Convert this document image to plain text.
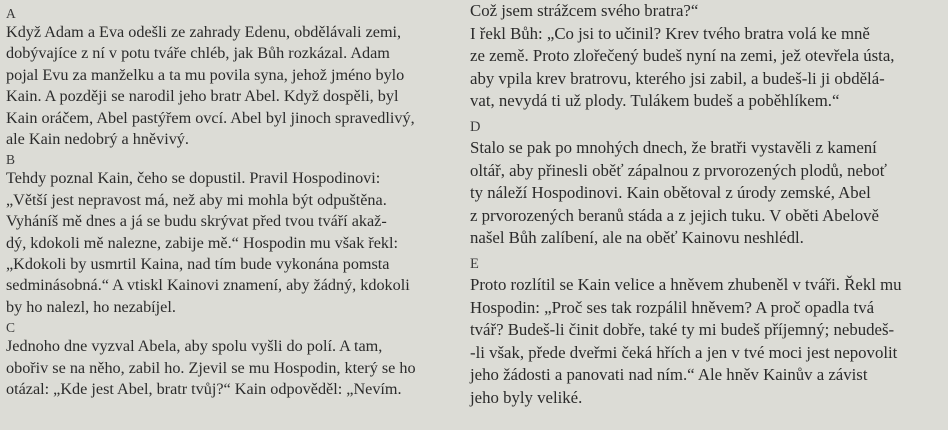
A
Když Adam a Eva odešli ze zahrady Edenu, obdělávali zemi,
dobývajíce z ní v potu tváře chléb, jak Bůh rozkázal. Adam
pojal Evu za manželku a ta mu povila syna, jehož jméno bylo
Kain. A později se narodil jeho bratr Abel. Když dospěli, byl
Kain oráčem, Abel pastýřem ovcí. Abel byl jinoch spravedlivý,
ale Kain nedobrý a hněvivý.
B
Tehdy poznal Kain, čeho se dopustil. Pravil Hospodinovi:
„Větší jest nepravost má, než aby mi mohla být odpuštěna.
Vyháníš mě dnes a já se budu skrývat před tvou tváří akaž-
dý, kdokoli mě nalezne, zabije mě.“ Hospodin mu však řekl:
„Kdokoli by usmrtil Kaina, nad tím bude vykonána pomsta
sedminásobná.“ A vtiskl Kainovi znamení, aby žádný, kdokoli
by ho nalezl, ho nezabíjel.
C
Jednoho dne vyzval Abela, aby spolu vyšli do polí. A tam,
obořiv se na něho, zabil ho. Zjevil se mu Hospodin, který se ho
otázal: „Kde jest Abel, bratr tvůj?“ Kain odpověděl: „Nevím.
Což jsem strážcem svého bratra?“
I řekl Bůh: „Co jsi to učinil? Krev tvého bratra volá ke mně
ze země. Proto zlořečený budeš nyní na zemi, jež otevřela ústa,
aby vpila krev bratrovu, kterého jsi zabil, a budeš-li ji obdělá-
vat, nevydá ti už plody. Tulákem budeš a poběhlíkem.“
D
Stalo se pak po mnohých dnech, že bratři vystavěli z kamení
oltář, aby přinesli oběť zápalnou z prvorozených plodů, neboť
ty náleží Hospodinovi. Kain obětoval z úrody zemské, Abel
z prvorozených beranů stáda a z jejich tuku. V oběti Abelově
našel Bůh zalíbení, ale na oběť Kainovu neshlédl.
E
Proto rozlítil se Kain velice a hněvem zhubeněl v tváři. Řekl mu
Hospodin: „Proč ses tak rozpálil hněvem? A proč opadla tvá
tvář? Budeš-li činit dobře, také ty mi budeš příjemný; nebudeš-
-li však, přede dveřmi čeká hřích a jen v tvé moci jest nepovolit
jeho žádosti a panovati nad ním.“ Ale hněv Kainův a závist
jeho byly veliké.
